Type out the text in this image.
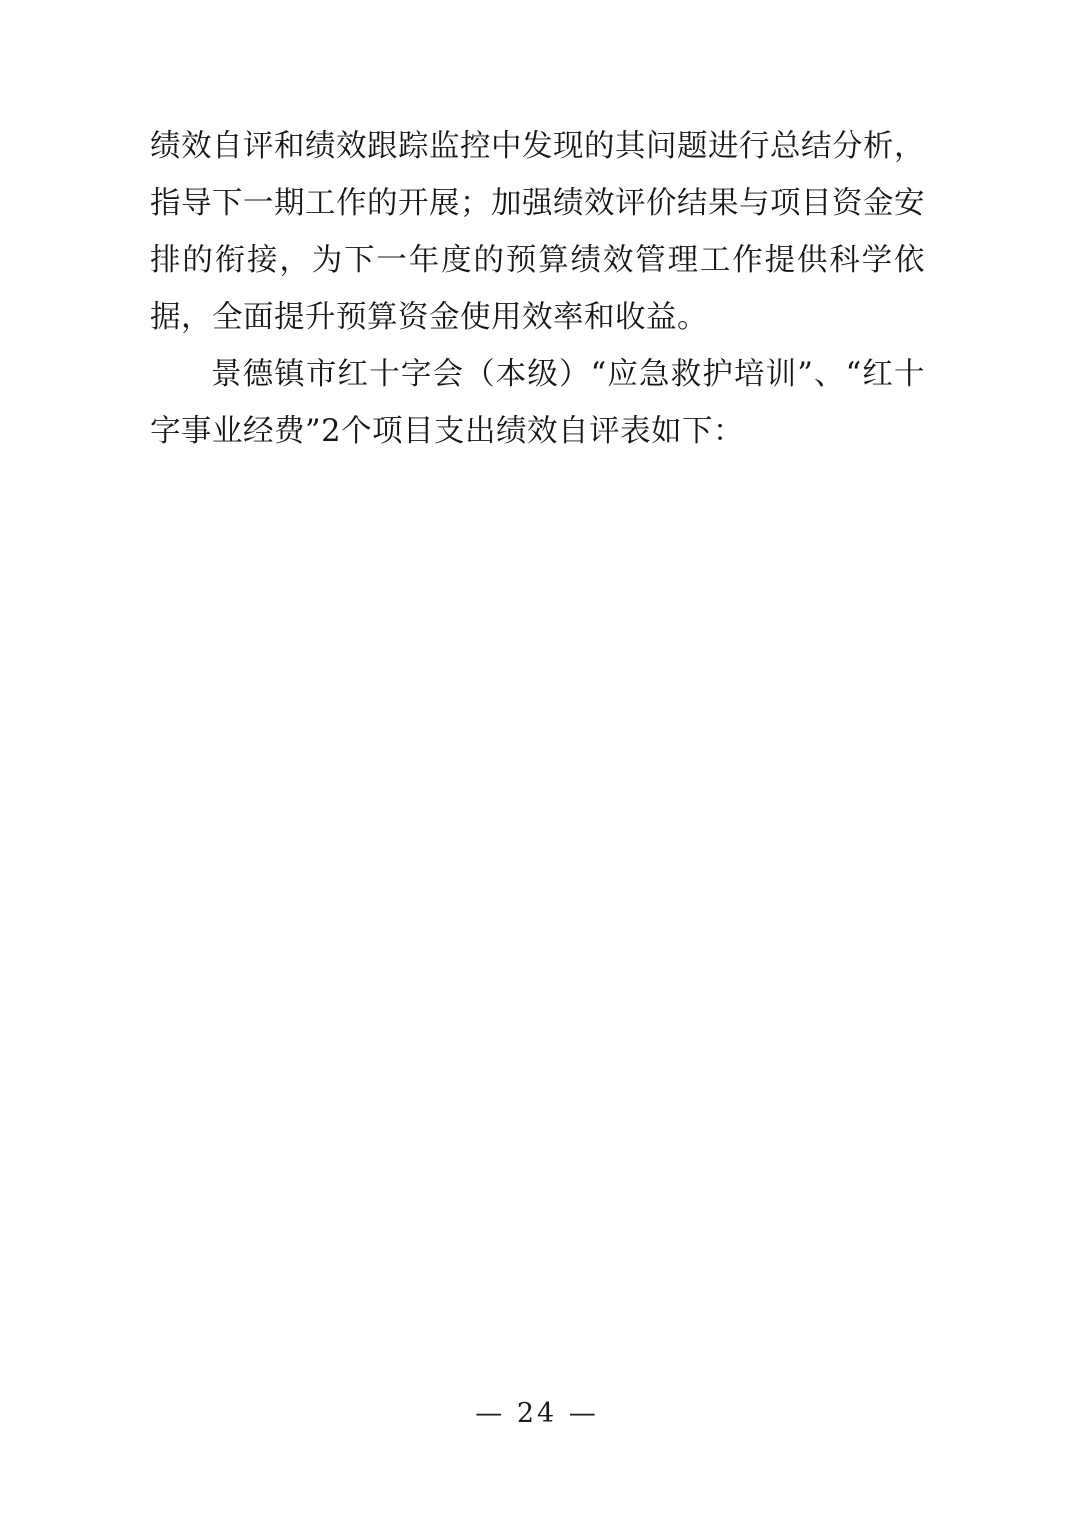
绩效自评和绩效跟踪监控中发现的其问题进行总结分析，指导下一期工作的开展；加强绩效评价结果与项目资金安排的衔接，为下一年度的预算绩效管理工作提供科学依据，全面提升预算资金使用效率和收益。

景德镇市红十字会（本级）“应急救护培训”、“红十字事业经费”2个项目支出绩效自评表如下：

— 24 —
